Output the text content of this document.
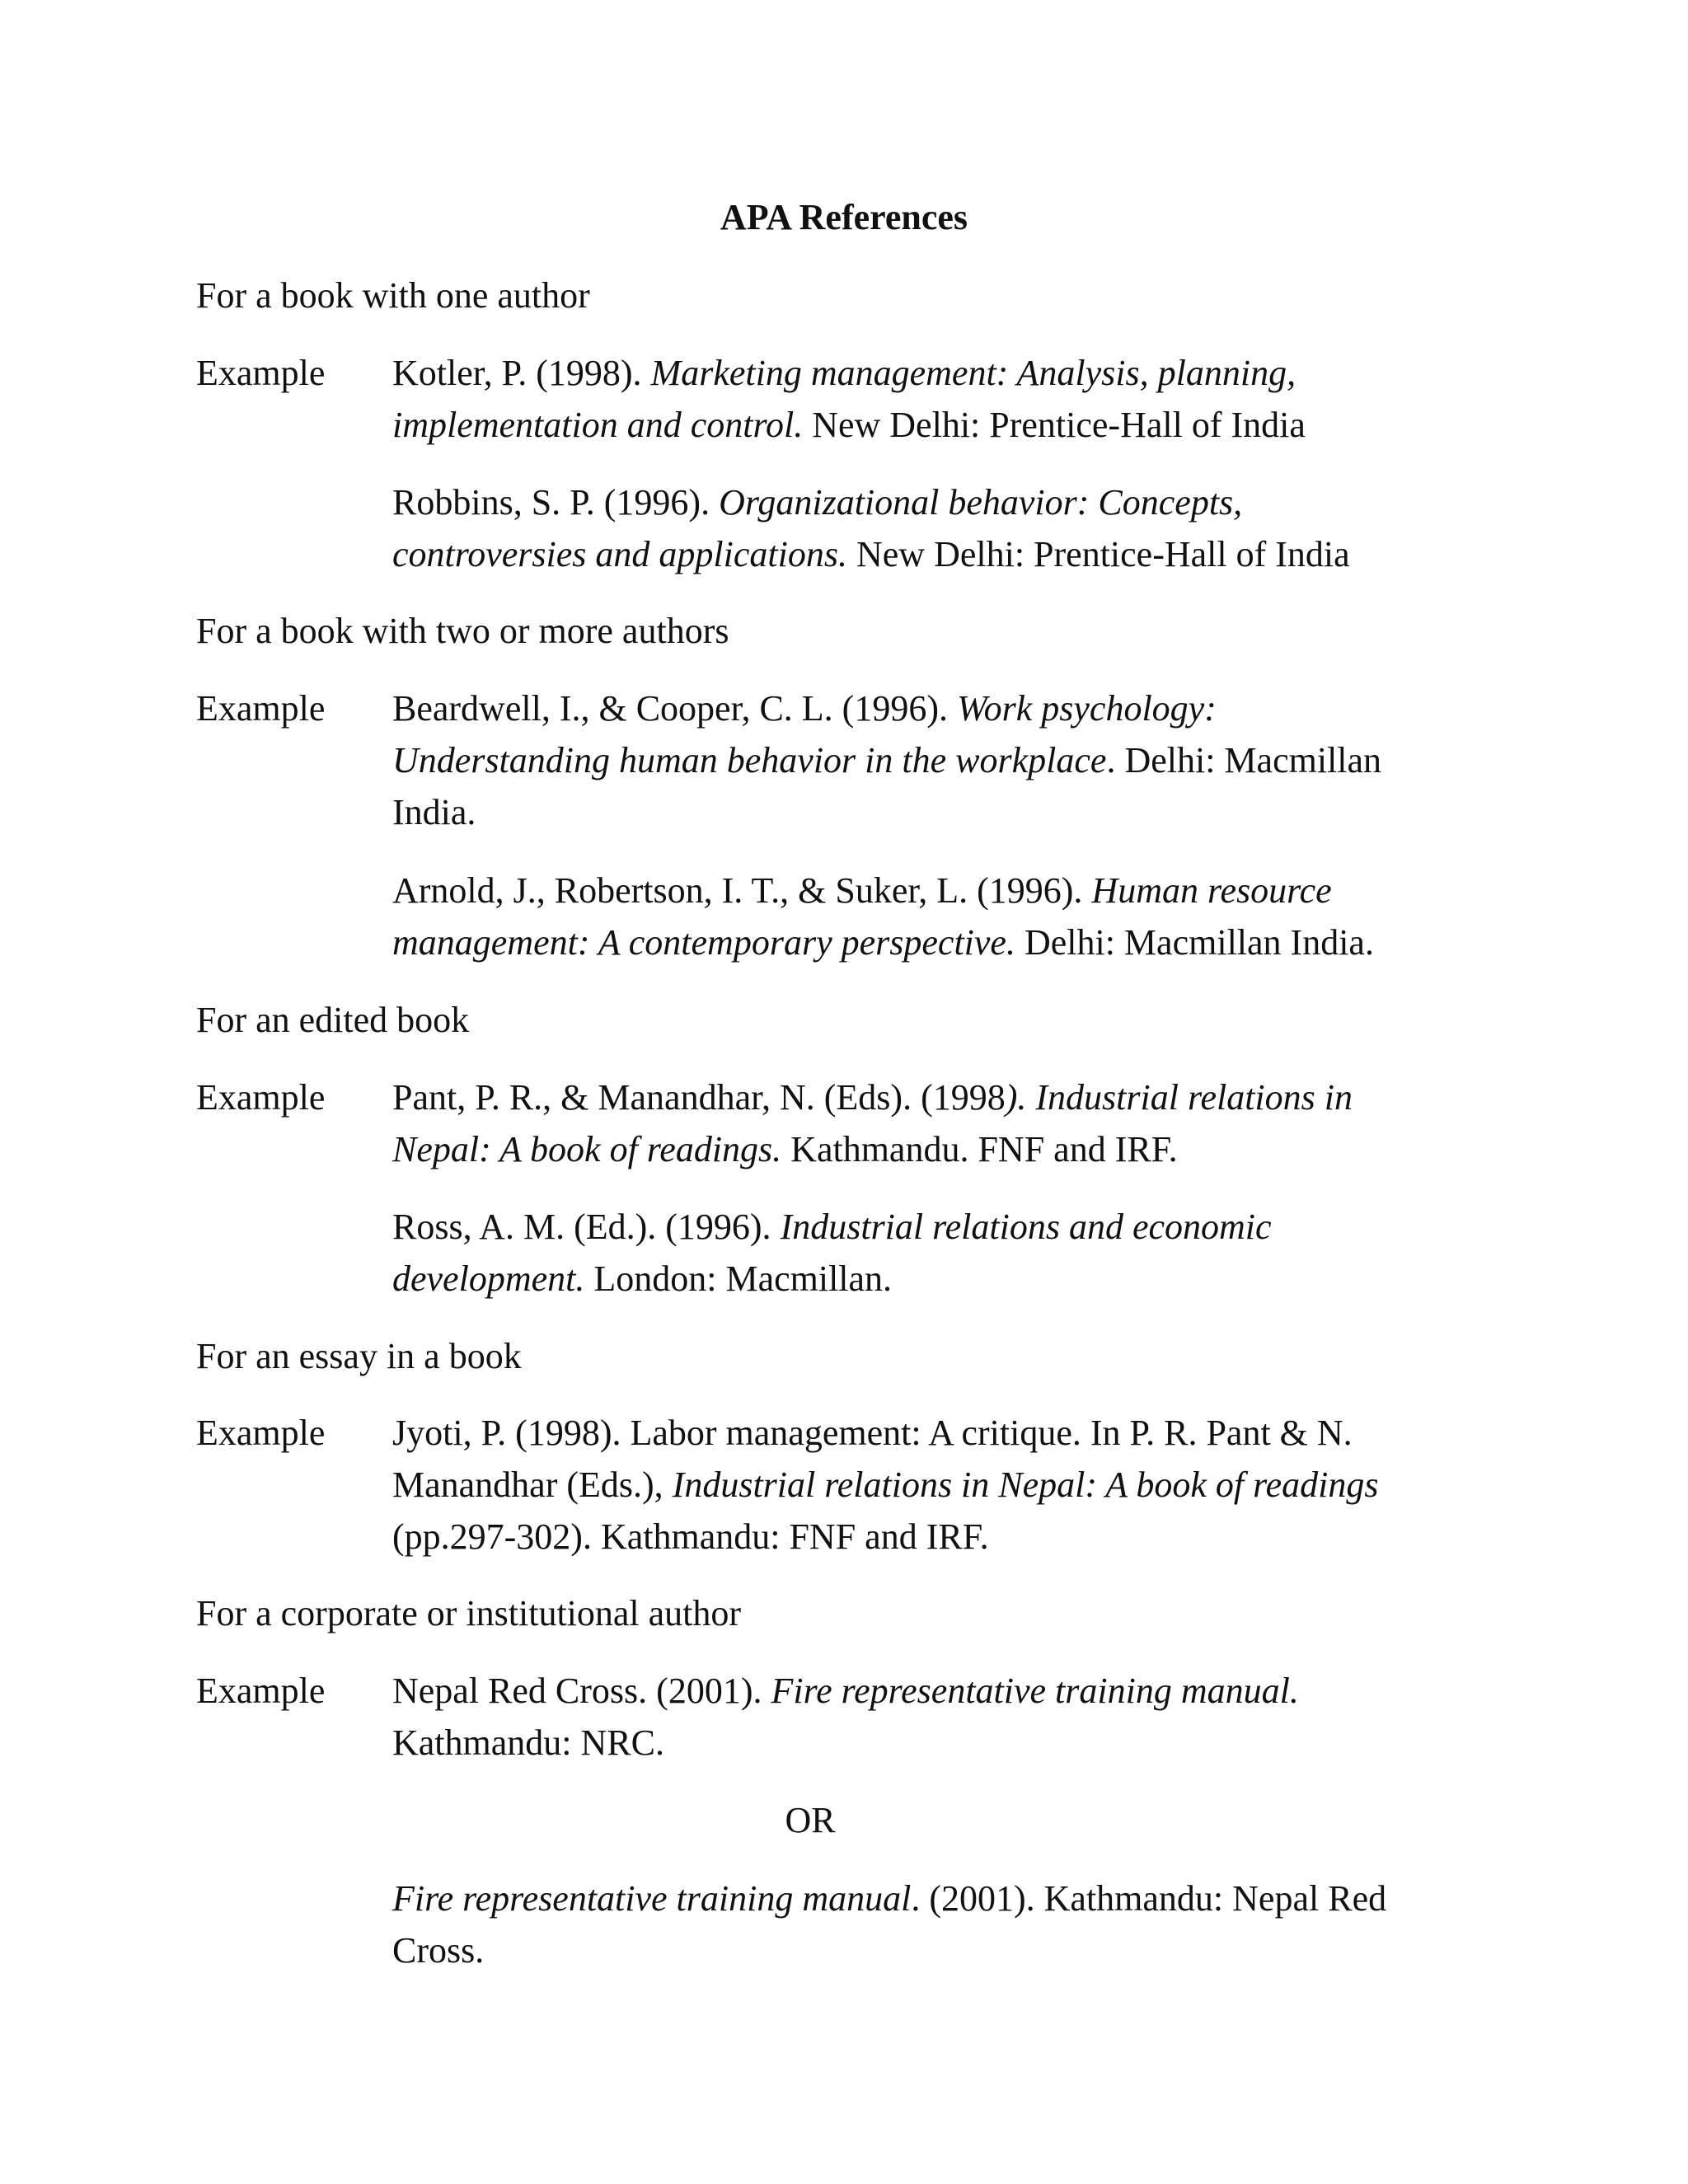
APA References
For a book with one author
Example Kotler, P. (1998). Marketing management: Analysis, planning,
implementation and control. New Delhi: Prentice-Hall of India
Robbins, S. P. (1996). Organizational behavior: Concepts,
controversies and applications. New Delhi: Prentice-Hall of India
For a book with two or more authors
Example Beardwell, I., & Cooper, C. L. (1996). Work psychology:
Understanding human behavior in the workplace. Delhi: Macmillan
India.
Arnold, J., Robertson, I. T., & Suker, L. (1996). Human resource
management: A contemporary perspective. Delhi: Macmillan India.
For an edited book
Example Pant, P. R., & Manandhar, N. (Eds). (1998). Industrial relations in
Nepal: A book of readings. Kathmandu. FNF and IRF.
Ross, A. M. (Ed.). (1996). Industrial relations and economic
development. London: Macmillan.
For an essay in a book
Example Jyoti, P. (1998). Labor management: A critique. In P. R. Pant & N.
Manandhar (Eds.), Industrial relations in Nepal: A book of readings
(pp.297-302). Kathmandu: FNF and IRF.
For a corporate or institutional author
Example Nepal Red Cross. (2001). Fire representative training manual.
Kathmandu: NRC.
OR
Fire representative training manual. (2001). Kathmandu: Nepal Red
Cross.
